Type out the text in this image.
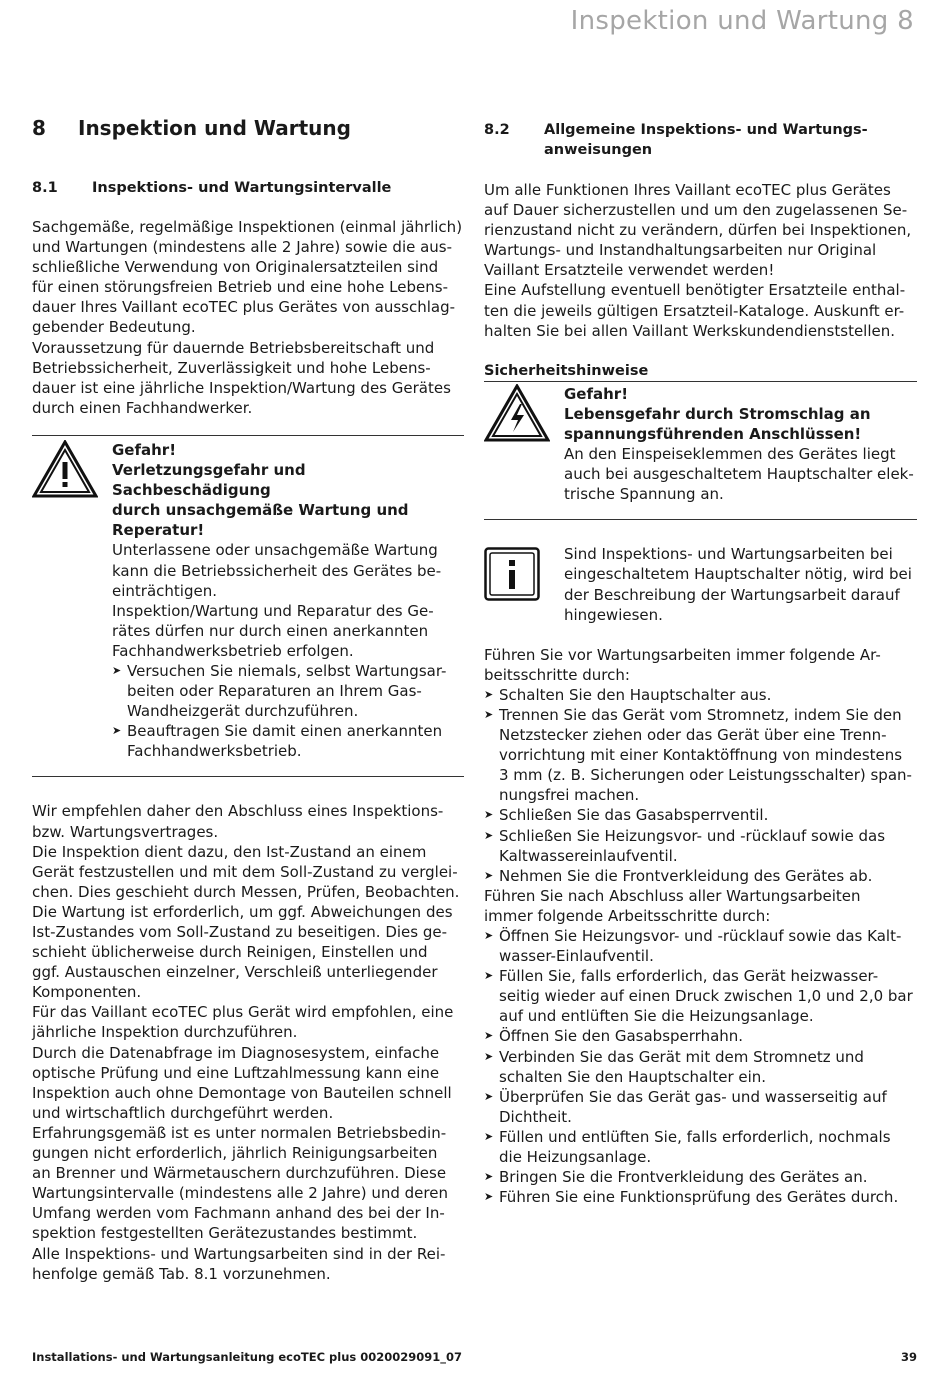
Inspektion und Wartung 8
8	Inspektion und Wartung
8.1	Inspektions- und Wartungsintervalle

Sachgemäße, regelmäßige Inspektionen (einmal jährlich)

und Wartungen (mindestens alle 2 Jahre) sowie die aus-

schließliche Verwendung von Originalersatzteilen sind

für einen störungsfreien Betrieb und eine hohe Lebens-

dauer Ihres Vaillant ecoTEC plus Gerätes von ausschlag-

gebender Bedeutung.

Voraussetzung für dauernde Betriebsbereitschaft und

Betriebssicherheit, Zuverlässigkeit und hohe Lebens-

dauer ist eine jährliche Inspektion/Wartung des Gerätes

durch einen Fachhandwerker.

Gefahr!

Verletzungsgefahr und Sachbeschädigung

durch unsachgemäße Wartung und

Reperatur!

Unterlassene oder unsachgemäße Wartung

kann die Betriebssicherheit des Gerätes be-

einträchtigen.

Inspektion/Wartung und Reparatur des Ge-

rätes dürfen nur durch einen anerkannten

Fachhandwerksbetrieb erfolgen.

➤ Versuchen Sie niemals, selbst Wartungsar-

beiten oder Reparaturen an Ihrem Gas-

Wandheizgerät durchzuführen.

➤ Beauftragen Sie damit einen anerkannten

Fachhandwerksbetrieb.

Wir empfehlen daher den Abschluss eines Inspektions-

bzw. Wartungsvertrages.

Die Inspektion dient dazu, den Ist-Zustand an einem

Gerät festzustellen und mit dem Soll-Zustand zu verglei-

chen. Dies geschieht durch Messen, Prüfen, Beobachten.

Die Wartung ist erforderlich, um ggf. Abweichungen des

Ist-Zustandes vom Soll-Zustand zu beseitigen. Dies ge-

schieht üblicherweise durch Reinigen, Einstellen und

ggf. Austauschen einzelner, Verschleiß unterliegender

Komponenten.

Für das Vaillant ecoTEC plus Gerät wird empfohlen, eine

jährliche Inspektion durchzuführen.

Durch die Datenabfrage im Diagnosesystem, einfache

optische Prüfung und eine Luftzahlmessung kann eine

Inspektion auch ohne Demontage von Bauteilen schnell

und wirtschaftlich durchgeführt werden.

Erfahrungsgemäß ist es unter normalen Betriebsbedin-

gungen nicht erforderlich, jährlich Reinigungsarbeiten

an Brenner und Wärmetauschern durchzuführen. Diese

Wartungsintervalle (mindestens alle 2 Jahre) und deren

Umfang werden vom Fachmann anhand des bei der In-

spektion festgestellten Gerätezustandes bestimmt.

Alle Inspektions- und Wartungsarbeiten sind in der Rei-

henfolge gemäß Tab. 8.1 vorzunehmen.

8.2	Allgemeine Inspektions- und Wartungs-
anweisungen

Um alle Funktionen Ihres Vaillant ecoTEC plus Gerätes

auf Dauer sicherzustellen und um den zugelassenen Se-

rienzustand nicht zu verändern, dürfen bei Inspektionen,

Wartungs- und Instandhaltungsarbeiten nur Original

Vaillant Ersatzteile verwendet werden!

Eine Aufstellung eventuell benötigter Ersatzteile enthal-

ten die jeweils gültigen Ersatzteil-Kataloge. Auskunft er-

halten Sie bei allen Vaillant Werkskundendienststellen.

Sicherheitshinweise

Gefahr!

Lebensgefahr durch Stromschlag an

spannungsführenden Anschlüssen!

An den Einspeiseklemmen des Gerätes liegt

auch bei ausgeschaltetem Hauptschalter elek-

trische Spannung an.

Sind Inspektions- und Wartungsarbeiten bei

eingeschaltetem Hauptschalter nötig, wird bei

der Beschreibung der Wartungsarbeit darauf

hingewiesen.

Führen Sie vor Wartungsarbeiten immer folgende Ar-

beitsschritte durch:

➤ Schalten Sie den Hauptschalter aus.

➤ Trennen Sie das Gerät vom Stromnetz, indem Sie den

Netzstecker ziehen oder das Gerät über eine Trenn-

vorrichtung mit einer Kontaktöffnung von mindestens

3 mm (z. B. Sicherungen oder Leistungsschalter) span-

nungsfrei machen.

➤ Schließen Sie das Gasabsperrventil.

➤ Schließen Sie Heizungsvor- und -rücklauf sowie das

Kaltwassereinlaufventil.

➤ Nehmen Sie die Frontverkleidung des Gerätes ab.

Führen Sie nach Abschluss aller Wartungsarbeiten

immer folgende Arbeitsschritte durch:

➤ Öffnen Sie Heizungsvor- und -rücklauf sowie das Kalt-

wasser-Einlaufventil.

➤ Füllen Sie, falls erforderlich, das Gerät heizwasser-

seitig wieder auf einen Druck zwischen 1,0 und 2,0 bar

auf und entlüften Sie die Heizungsanlage.

➤ Öffnen Sie den Gasabsperrhahn.

➤ Verbinden Sie das Gerät mit dem Stromnetz und

schalten Sie den Hauptschalter ein.

➤ Überprüfen Sie das Gerät gas- und wasserseitig auf

Dichtheit.

➤ Füllen und entlüften Sie, falls erforderlich, nochmals

die Heizungsanlage.

➤ Bringen Sie die Frontverkleidung des Gerätes an.

➤ Führen Sie eine Funktionsprüfung des Gerätes durch.

Installations- und Wartungsanleitung ecoTEC plus 0020029091_07	39
